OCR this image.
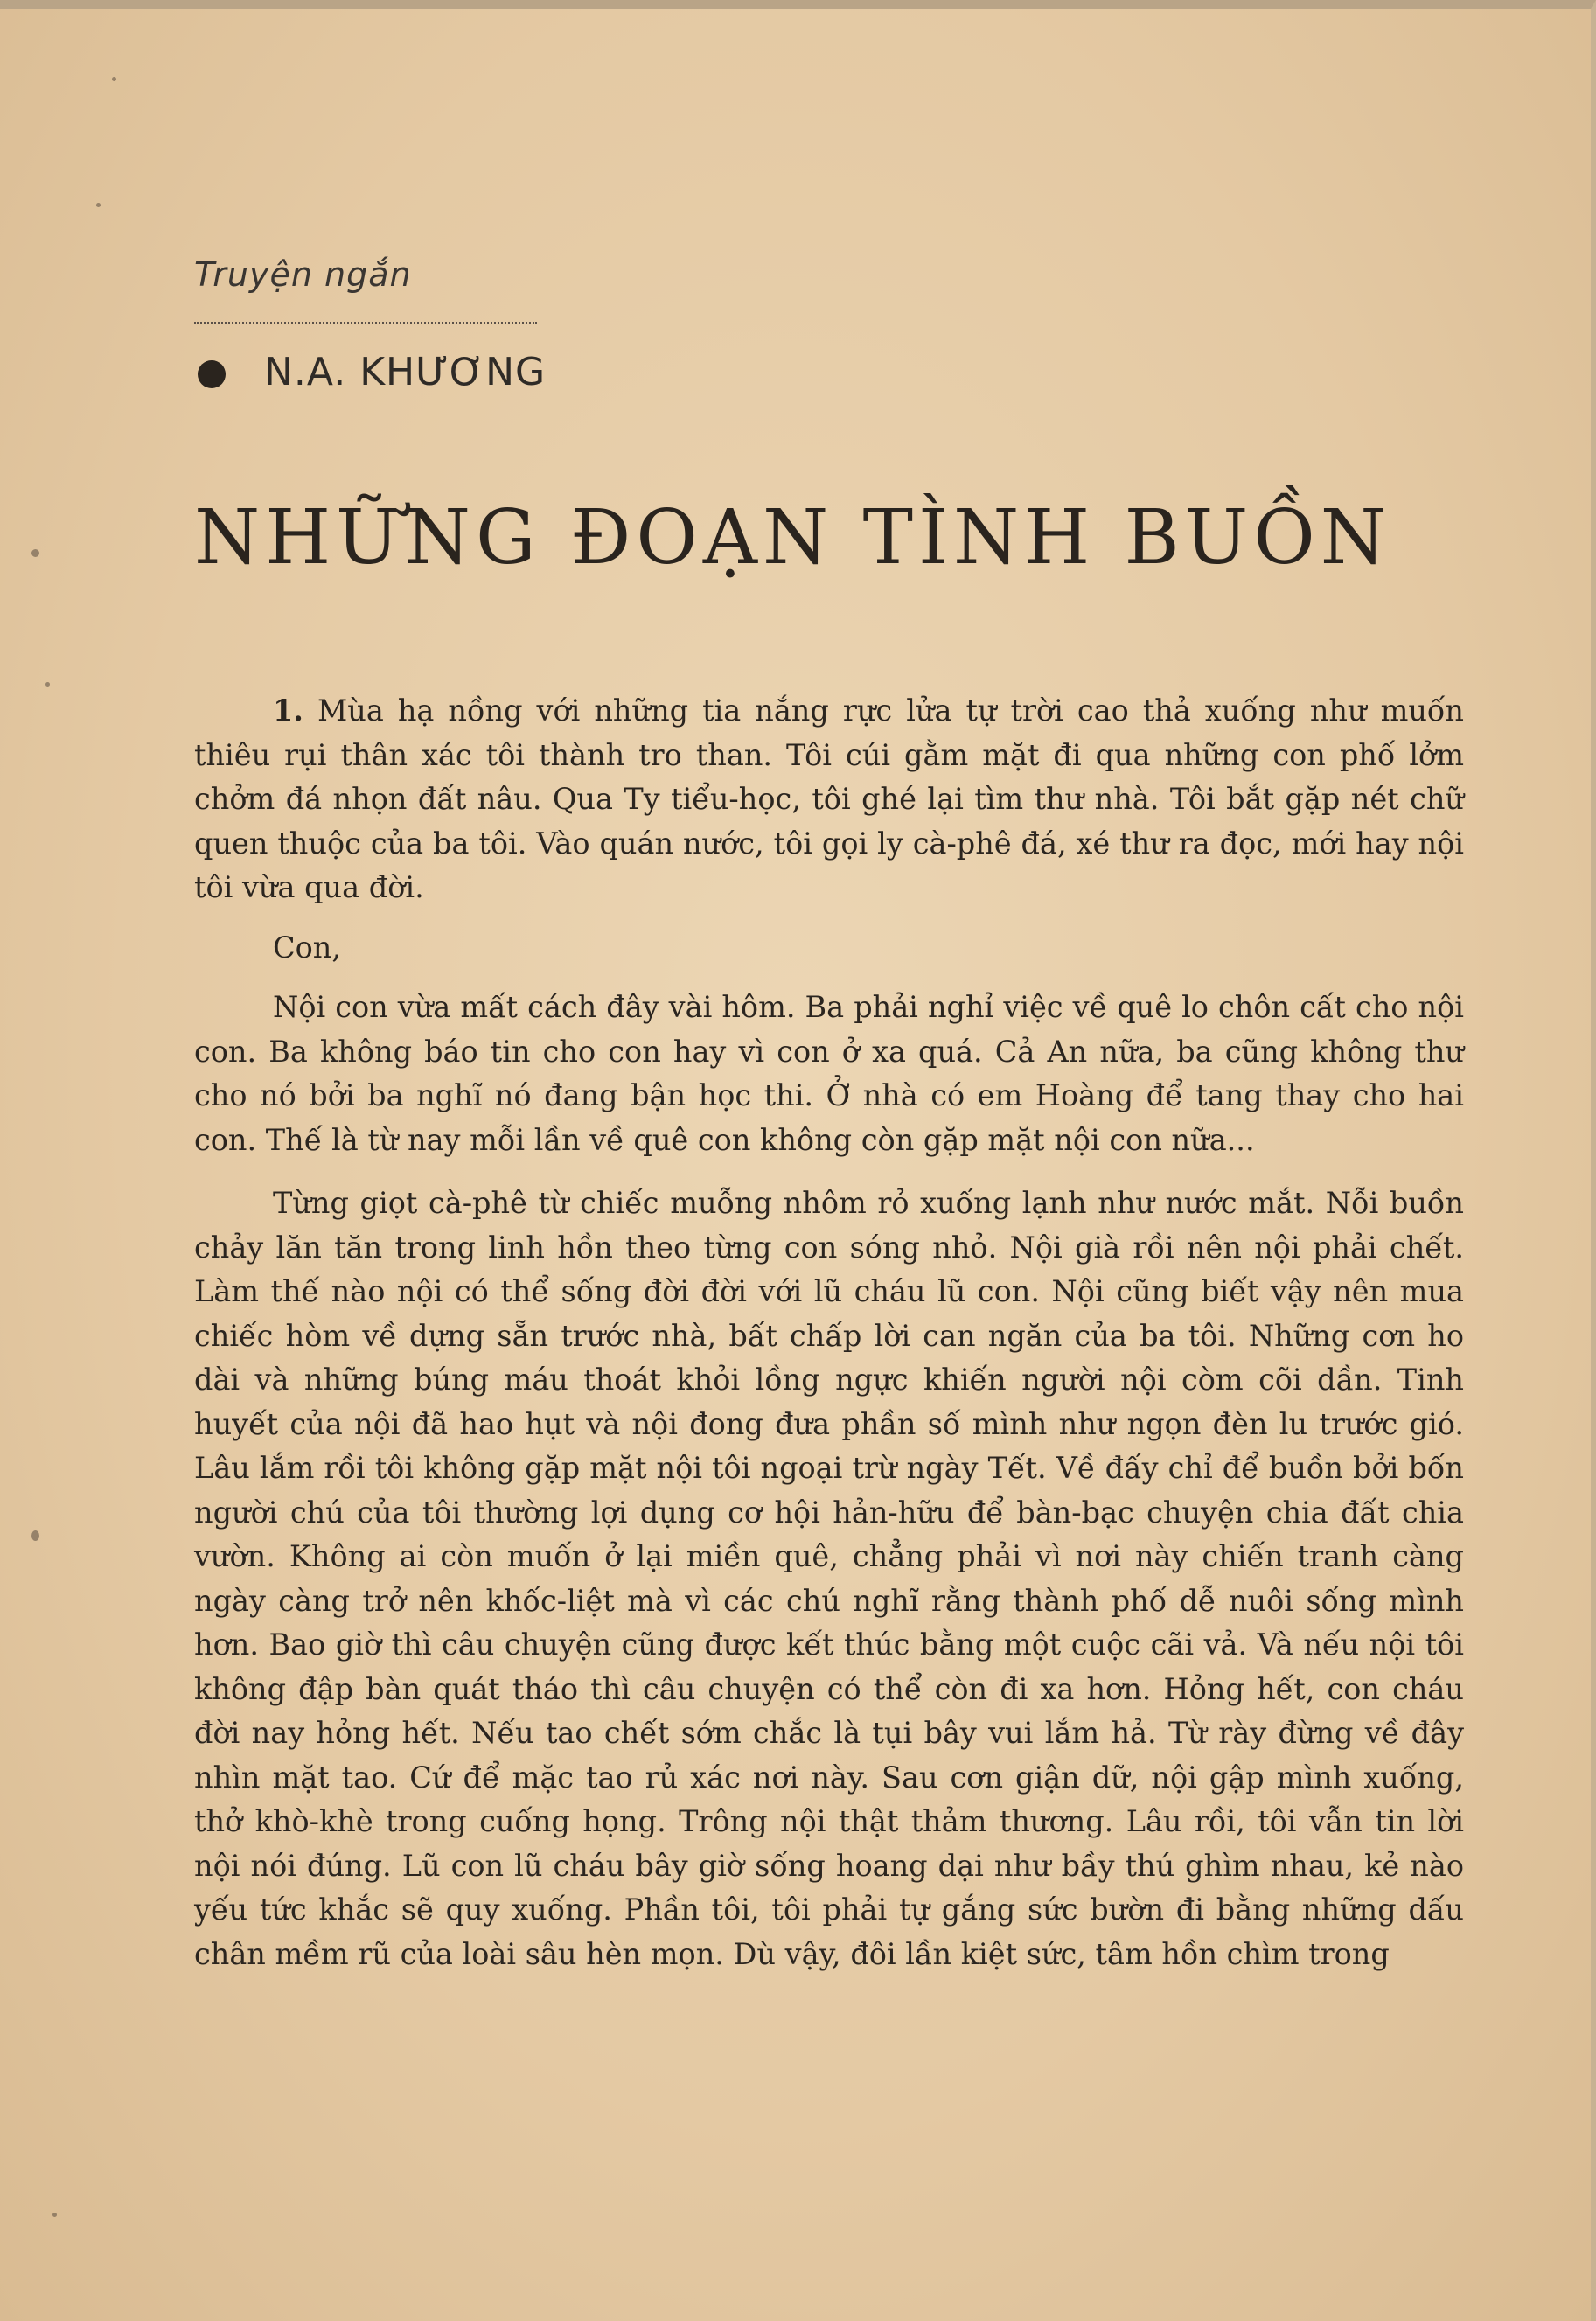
Truyện ngắn
N.A. KHƯƠNG
NHỮNG ĐOẠN TÌNH BUỒN

1. Mùa hạ nồng với những tia nắng rực lửa tự trời cao thả xuống như muốn thiêu rụi thân xác tôi thành tro than. Tôi cúi gằm mặt đi qua những con phố lởm chởm đá nhọn đất nâu. Qua Ty tiểu-học, tôi ghé lại tìm thư nhà. Tôi bắt gặp nét chữ quen thuộc của ba tôi. Vào quán nước, tôi gọi ly cà-phê đá, xé thư ra đọc, mới hay nội tôi vừa qua đời.

Con,

Nội con vừa mất cách đây vài hôm. Ba phải nghỉ việc về quê lo chôn cất cho nội con. Ba không báo tin cho con hay vì con ở xa quá. Cả An nữa, ba cũng không thư cho nó bởi ba nghĩ nó đang bận học thi. Ở nhà có em Hoàng để tang thay cho hai con. Thế là từ nay mỗi lần về quê con không còn gặp mặt nội con nữa...

Từng giọt cà-phê từ chiếc muỗng nhôm rỏ xuống lạnh như nước mắt. Nỗi buồn chảy lăn tăn trong linh hồn theo từng con sóng nhỏ. Nội già rồi nên nội phải chết. Làm thế nào nội có thể sống đời đời với lũ cháu lũ con. Nội cũng biết vậy nên mua chiếc hòm về dựng sẵn trước nhà, bất chấp lời can ngăn của ba tôi. Những cơn ho dài và những búng máu thoát khỏi lồng ngực khiến người nội còm cõi dần. Tinh huyết của nội đã hao hụt và nội đong đưa phần số mình như ngọn đèn lu trước gió. Lâu lắm rồi tôi không gặp mặt nội tôi ngoại trừ ngày Tết. Về đấy chỉ để buồn bởi bốn người chú của tôi thường lợi dụng cơ hội hản-hữu để bàn-bạc chuyện chia đất chia vườn. Không ai còn muốn ở lại miền quê, chẳng phải vì nơi này chiến tranh càng ngày càng trở nên khốc-liệt mà vì các chú nghĩ rằng thành phố dễ nuôi sống mình hơn. Bao giờ thì câu chuyện cũng được kết thúc bằng một cuộc cãi vả. Và nếu nội tôi không đập bàn quát tháo thì câu chuyện có thể còn đi xa hơn. Hỏng hết, con cháu đời nay hỏng hết. Nếu tao chết sớm chắc là tụi bây vui lắm hả. Từ rày đừng về đây nhìn mặt tao. Cứ để mặc tao rủ xác nơi này. Sau cơn giận dữ, nội gập mình xuống, thở khò-khè trong cuống họng. Trông nội thật thảm thương. Lâu rồi, tôi vẫn tin lời nội nói đúng. Lũ con lũ cháu bây giờ sống hoang dại như bầy thú ghìm nhau, kẻ nào yếu tức khắc sẽ quy xuống. Phần tôi, tôi phải tự gắng sức bườn đi bằng những dấu chân mềm rũ của loài sâu hèn mọn. Dù vậy, đôi lần kiệt sức, tâm hồn chìm trong
